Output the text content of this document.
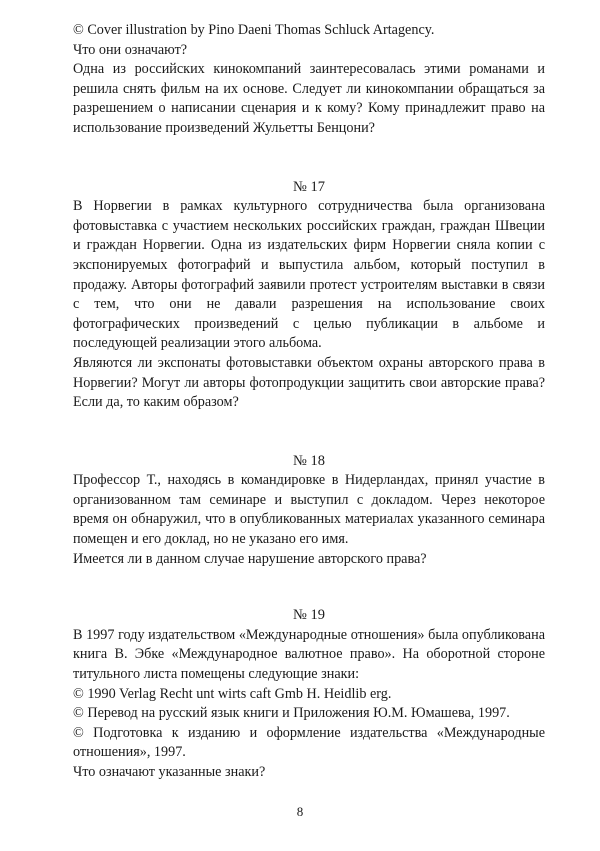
© Cover illustration by Pino Daeni Thomas Schluck Artagency.

Что они означают?

Одна из российских кинокомпаний заинтересовалась этими романами и решила снять фильм на их основе. Следует ли кинокомпании обращаться за разрешением о написании сценария и к кому? Кому принадлежит право на использование произведений Жульетты Бенцони?

№ 17

В Норвегии в рамках культурного сотрудничества была организована фотовыставка с участием нескольких российских граждан, граждан Швеции и граждан Норвегии. Одна из издательских фирм Норвегии сняла копии с экспонируемых фотографий и выпустила альбом, который поступил в продажу. Авторы фотографий заявили протест устроителям выставки в связи с тем, что они не давали разрешения на использование своих фотографических произведений с целью публикации в альбоме и последующей реализации этого альбома.

Являются ли экспонаты фотовыставки объектом охраны авторского права в Норвегии? Могут ли авторы фотопродукции защитить свои авторские права? Если да, то каким образом?

№ 18

Профессор Т., находясь в командировке в Нидерландах, принял участие в организованном там семинаре и выступил с докладом. Через некоторое время он обнаружил, что в опубликованных материалах указанного семинара помещен и его доклад, но не указано его имя.

Имеется ли в данном случае нарушение авторского права?

№ 19

В 1997 году издательством «Международные отношения» была опубликована книга В. Эбке «Международное валютное право». На оборотной стороне титульного листа помещены следующие знаки:

© 1990 Verlag Recht unt wirts caft Gmb H. Heidlib erg.

© Перевод на русский язык книги и Приложения Ю.М. Юмашева, 1997.

© Подготовка к изданию и оформление издательства «Международные отношения», 1997.

Что означают указанные знаки?

8
